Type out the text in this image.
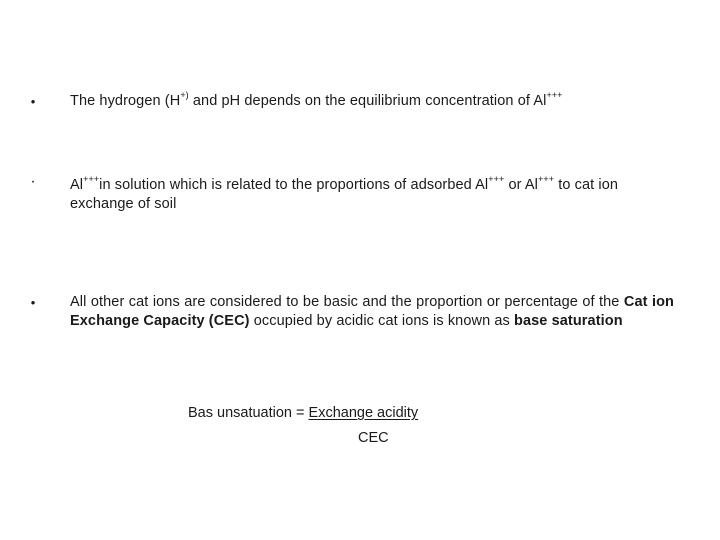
• The hydrogen (H+) and pH depends on the equilibrium concentration of Al+++
· Al+++in solution which is related to the proportions of adsorbed Al+++ or Al+++ to cat ion exchange of soil
• All other cat ions are considered to be basic and the proportion or percentage of the Cat ion Exchange Capacity (CEC) occupied by acidic cat ions is known as base saturation
Bas unsatuation = Exchange acidity
CEC
